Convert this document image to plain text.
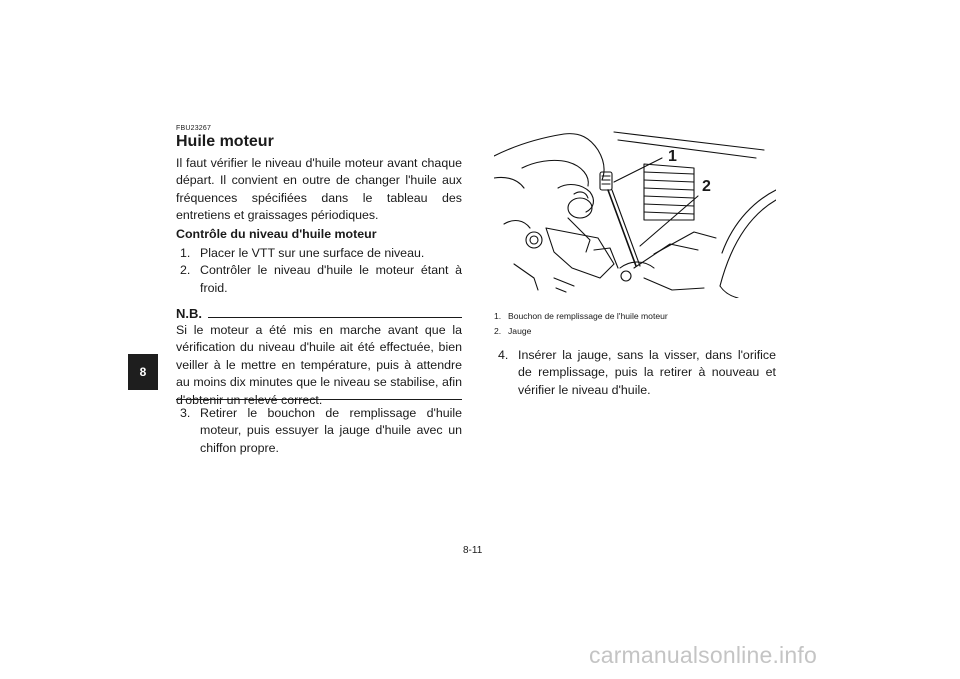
8
FBU23267
Huile moteur
Il faut vérifier le niveau d'huile moteur avant chaque départ. Il convient en outre de changer l'huile aux fréquences spécifiées dans le tableau des entretiens et graissages périodiques.
Contrôle du niveau d'huile moteur
1. Placer le VTT sur une surface de niveau.
2. Contrôler le niveau d'huile le moteur étant à froid.
N.B.
Si le moteur a été mis en marche avant que la vérification du niveau d'huile ait été effectuée, bien veiller à le mettre en température, puis à attendre au moins dix minutes que le niveau se stabilise, afin d'obtenir un relevé correct.
3. Retirer le bouchon de remplissage d'huile moteur, puis essuyer la jauge d'huile avec un chiffon propre.
1
2
1. Bouchon de remplissage de l'huile moteur
2. Jauge
4. Insérer la jauge, sans la visser, dans l'orifice de remplissage, puis la retirer à nouveau et vérifier le niveau d'huile.
8-11
carmanualsonline.info
